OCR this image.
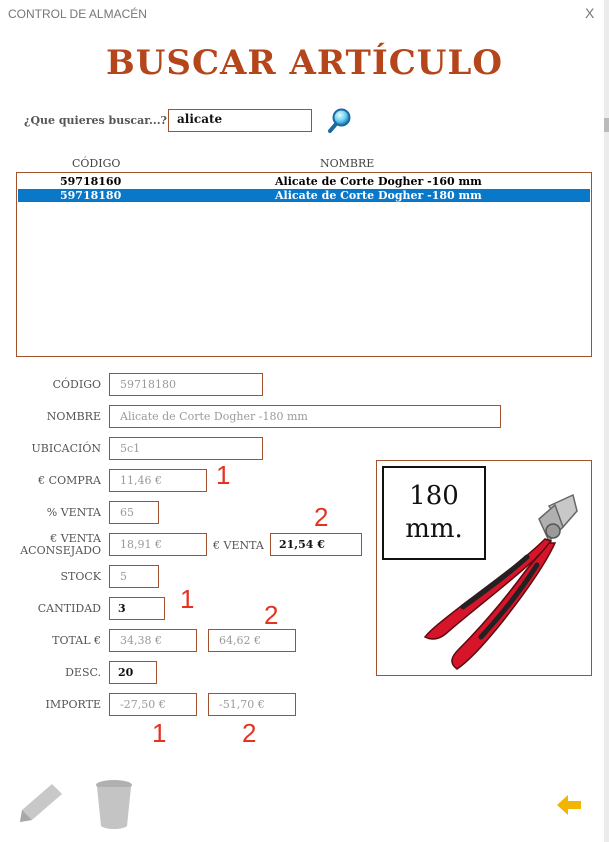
CONTROL DE ALMACÉN	X
BUSCAR ARTÍCULO
¿Que quieres buscar...? alicate
CÓDIGO	NOMBRE
59718160	Alicate de Corte Dogher -160 mm
59718180	Alicate de Corte Dogher -180 mm
CÓDIGO	59718180
NOMBRE	Alicate de Corte Dogher -180 mm
UBICACIÓN	5c1
€ COMPRA	11,46 €
% VENTA	65
€ VENTA
ACONSEJADO	18,91 €	€ VENTA	21,54 €
STOCK	5
CANTIDAD	3
TOTAL €	34,38 €	64,62 €
DESC.	20
IMPORTE	-27,50 €	-51,70 €
1
2
1
2
1	2
180
mm.
